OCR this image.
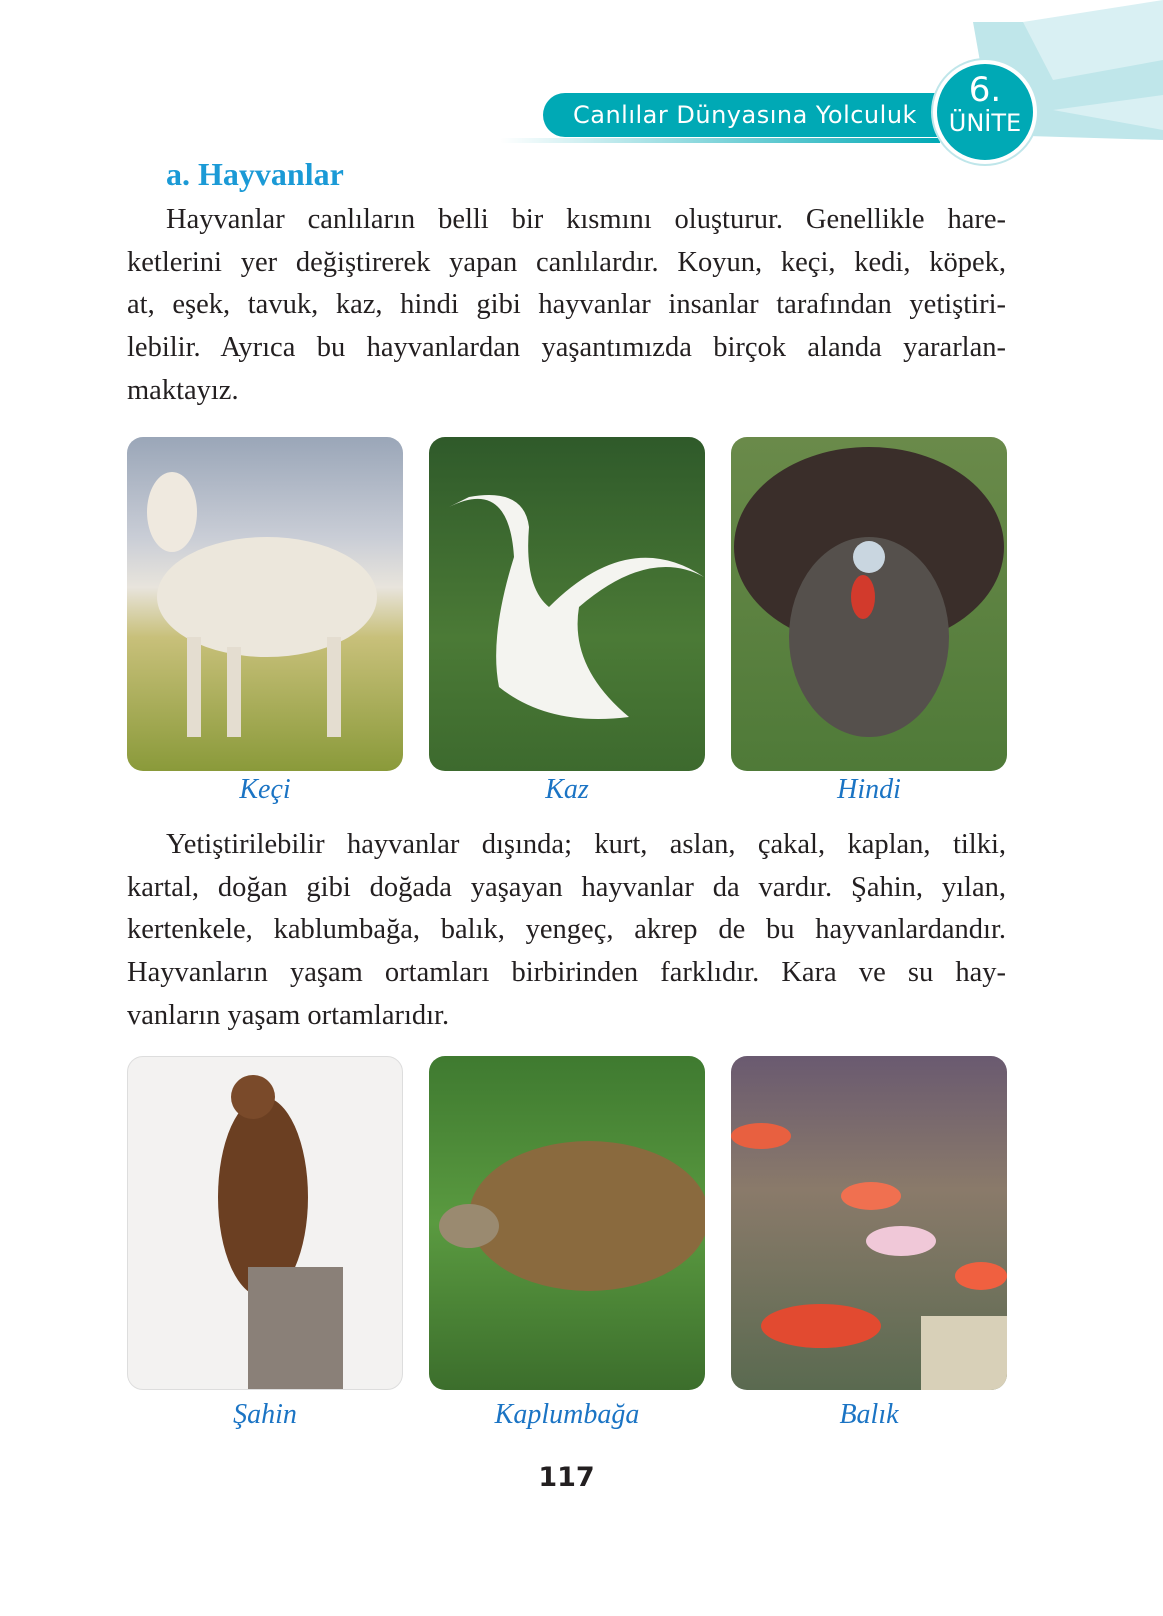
Canlılar Dünyasına Yolculuk
6.
ÜNİTE
a. Hayvanlar
Hayvanlar canlıların belli bir kısmını oluşturur. Genellikle hare-
ketlerini yer değiştirerek yapan canlılardır. Koyun, keçi, kedi, köpek,
at, eşek, tavuk, kaz, hindi gibi hayvanlar insanlar tarafından yetiştiri-
lebilir. Ayrıca bu hayvanlardan yaşantımızda birçok alanda yararlan-
maktayız.
Keçi	Kaz	Hindi
Yetiştirilebilir hayvanlar dışında; kurt, aslan, çakal, kaplan, tilki,
kartal, doğan gibi doğada yaşayan hayvanlar da vardır. Şahin, yılan,
kertenkele, kablumbağa, balık, yengeç, akrep de bu hayvanlardandır.
Hayvanların yaşam ortamları birbirinden farklıdır. Kara ve su hay-
vanların yaşam ortamlarıdır.
Şahin	Kaplumbağa	Balık
117
